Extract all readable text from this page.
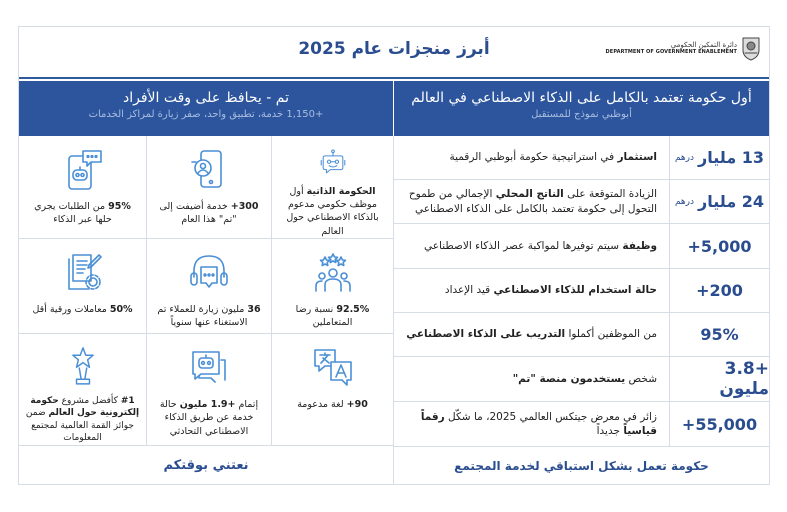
أبرز منجزات عام 2025	دائرة التمكين الحكومي
DEPARTMENT OF GOVERNMENT ENABLEMENT
أول حكومة تعتمد بالكامل على الذكاء الاصطناعي في العالم
أبوظبي نموذج للمستقبل
تم - يحافظ على وقت الأفراد
+1,150 خدمة، تطبيق واحد، صفر زيارة لمراكز الخدمات
13 مليار
درهم
استثمار في استراتيجية حكومة أبوظبي الرقمية
24 مليار
درهم
الزيادة المتوقعة على الناتج المحلي الإجمالي من طموح التحول إلى حكومة تعتمد بالكامل على الذكاء الاصطناعي
+5,000
وظيفة سيتم توفيرها لمواكبة عصر الذكاء الاصطناعي
+200
حالة استخدام للذكاء الاصطناعي قيد الإعداد
95%
من الموظفين أكملوا التدريب على الذكاء الاصطناعي
+3.8 مليون
شخص يستخدمون منصة "تم"
+55,000
زائر في معرض جيتكس العالمي 2025، ما شكّل رقماً قياسياً جديداً
حكومة تعمل بشكل استباقي لخدمة المجتمع
الحكومة الذاتية أول موظف حكومي مدعوم بالذكاء الاصطناعي حول العالم
+300 خدمة أضيفت إلى "تم" هذا العام
95% من الطلبات يجري حلها عبر الذكاء
92.5% نسبة رضا المتعاملين
36 مليون زيارة للعملاء تم الاستغناء عنها سنوياً
50% معاملات ورقية أقل
+90 لغة مدعومة
إتمام +1.9 مليون حالة خدمة عن طريق الذكاء الاصطناعي التحادثي
#1 كأفضل مشروع حكومة إلكترونية حول العالم ضمن جوائز القمة العالمية لمجتمع المعلومات
نعتني بوقتكم
